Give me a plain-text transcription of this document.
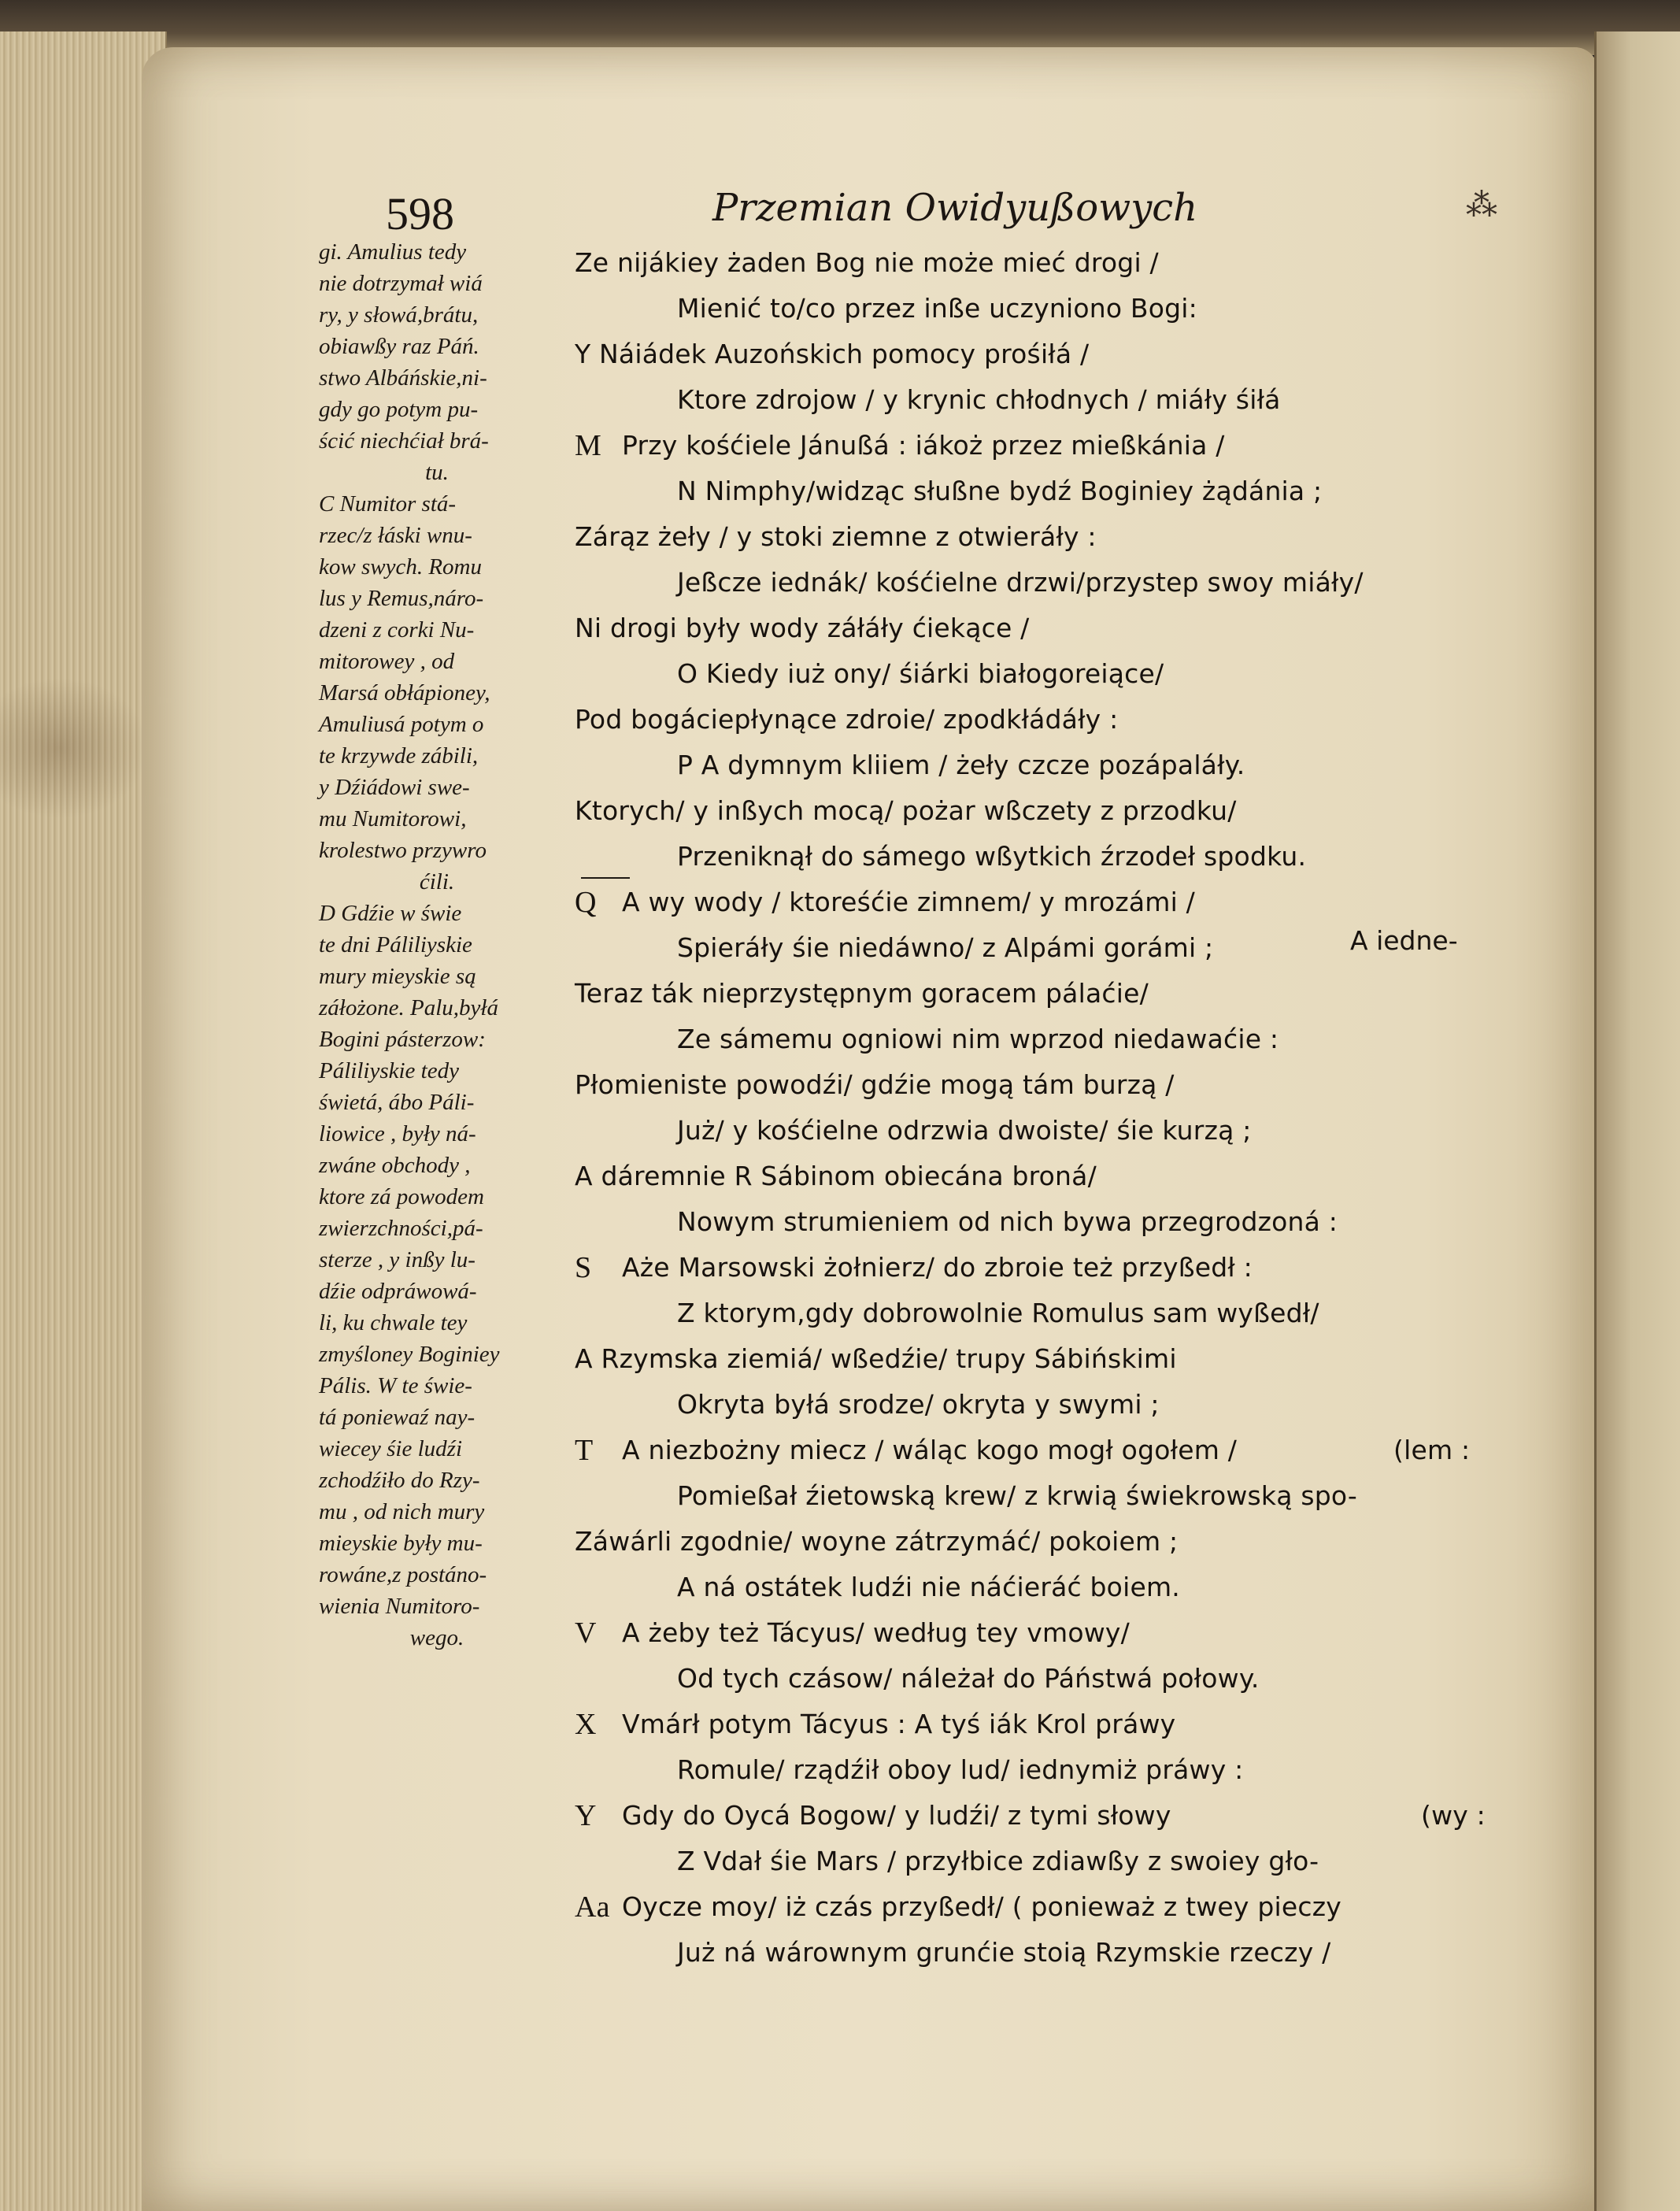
598	Przemian Owidyußowych	⁂
gi. Amulius tedy
nie dotrzymał wiá
ry, y słowá,brátu,
obiawßy raz Páń.
stwo Albáńskie,ni-
gdy go potym pu-
ścić niechćiał brá-
tu.
C Numitor stá-
rzec/z łáski wnu-
kow swych. Romu
lus y Remus,náro-
dzeni z corki Nu-
mitorowey , od
Marsá obłápioney,
Amuliusá potym o
te krzywde zábili,
y Dźiádowi swe-
mu Numitorowi,
krolestwo przywro
ćili.
D Gdźie w świe
te dni Páliliyskie
mury mieyskie są
záłożone. Palu,byłá
Bogini pásterzow:
Páliliyskie tedy
świetá, ábo Páli-
liowice , były ná-
zwáne obchody ,
ktore zá powodem
zwierzchności,pá-
sterze , y inßy lu-
dźie odpráwowá-
li, ku chwale tey
zmyśloney Boginiey
Pális. W te świe-
tá poniewaź nay-
wiecey śie ludźi
zchodźiło do Rzy-
mu , od nich mury
mieyskie były mu-
rowáne,z postáno-
wienia Numitoro-
wego.
Ze nijákiey żaden Bog nie może mieć drogi /
Mienić to/co przez inße uczyniono Bogi:
Y Náiádek Auzońskich pomocy prośiłá /
Ktore zdrojow / y krynic chłodnych / miáły śiłá
M Przy kośćiele Jánußá : iákoż przez mießkánia /
N Nimphy/widząc słußne bydź Boginiey żądánia ;
Zárąz żeły / y stoki ziemne z otwieráły :
Jeßcze iednák/ kośćielne drzwi/przystep swoy miáły/
Ni drogi były wody záłáły ćiekące /
O Kiedy iuż ony/ śiárki białogoreiące/
Pod bogáciepłynące zdroie/ zpodkłádáły :
P A dymnym kliiem / żeły czcze pozápaláły.
Ktorych/ y inßych mocą/ pożar wßczety z przodku/
Przeniknął do sámego wßytkich źrzodeł spodku.
Q A wy wody / ktoreśćie zimnem/ y mrozámi /
Spieráły śie niedáwno/ z Alpámi gorámi ;
Teraz ták nieprzystępnym goracem pálaćie/
Ze sámemu ogniowi nim wprzod niedawaćie :
Płomieniste powodźi/ gdźie mogą tám burzą /
Już/ y kośćielne odrzwia dwoiste/ śie kurzą ;
A dáremnie R Sábinom obiecána broná/
Nowym strumieniem od nich bywa przegrodzoná :
S Aże Marsowski żołnierz/ do zbroie też przyßedł :
Z ktorym,gdy dobrowolnie Romulus sam wyßedł/
A Rzymska ziemiá/ wßedźie/ trupy Sábińskimi
Okryta byłá srodze/ okryta y swymi ;
T A niezbożny miecz / wáląc kogo mogł ogołem /	(lem :
Pomießał źietowską krew/ z krwią świekrowską spo-
Záwárli zgodnie/ woyne zátrzymáć/ pokoiem ;
A ná ostátek ludźi nie náćieráć boiem.
V A żeby też Tácyus/ według tey vmowy/
Od tych czásow/ náleżał do Páństwá połowy.
X Vmárł potym Tácyus : A tyś iák Krol práwy
Romule/ rządźił oboy lud/ iednymiż práwy :
Y Gdy do Oycá Bogow/ y ludźi/ z tymi słowy	(wy :
Z Vdał śie Mars / przyłbice zdiawßy z swoiey gło-
Aa Oycze moy/ iż czás przyßedł/ ( ponieważ z twey pieczy
Już ná wárownym grunćie stoią Rzymskie rzeczy /
A iedne-
